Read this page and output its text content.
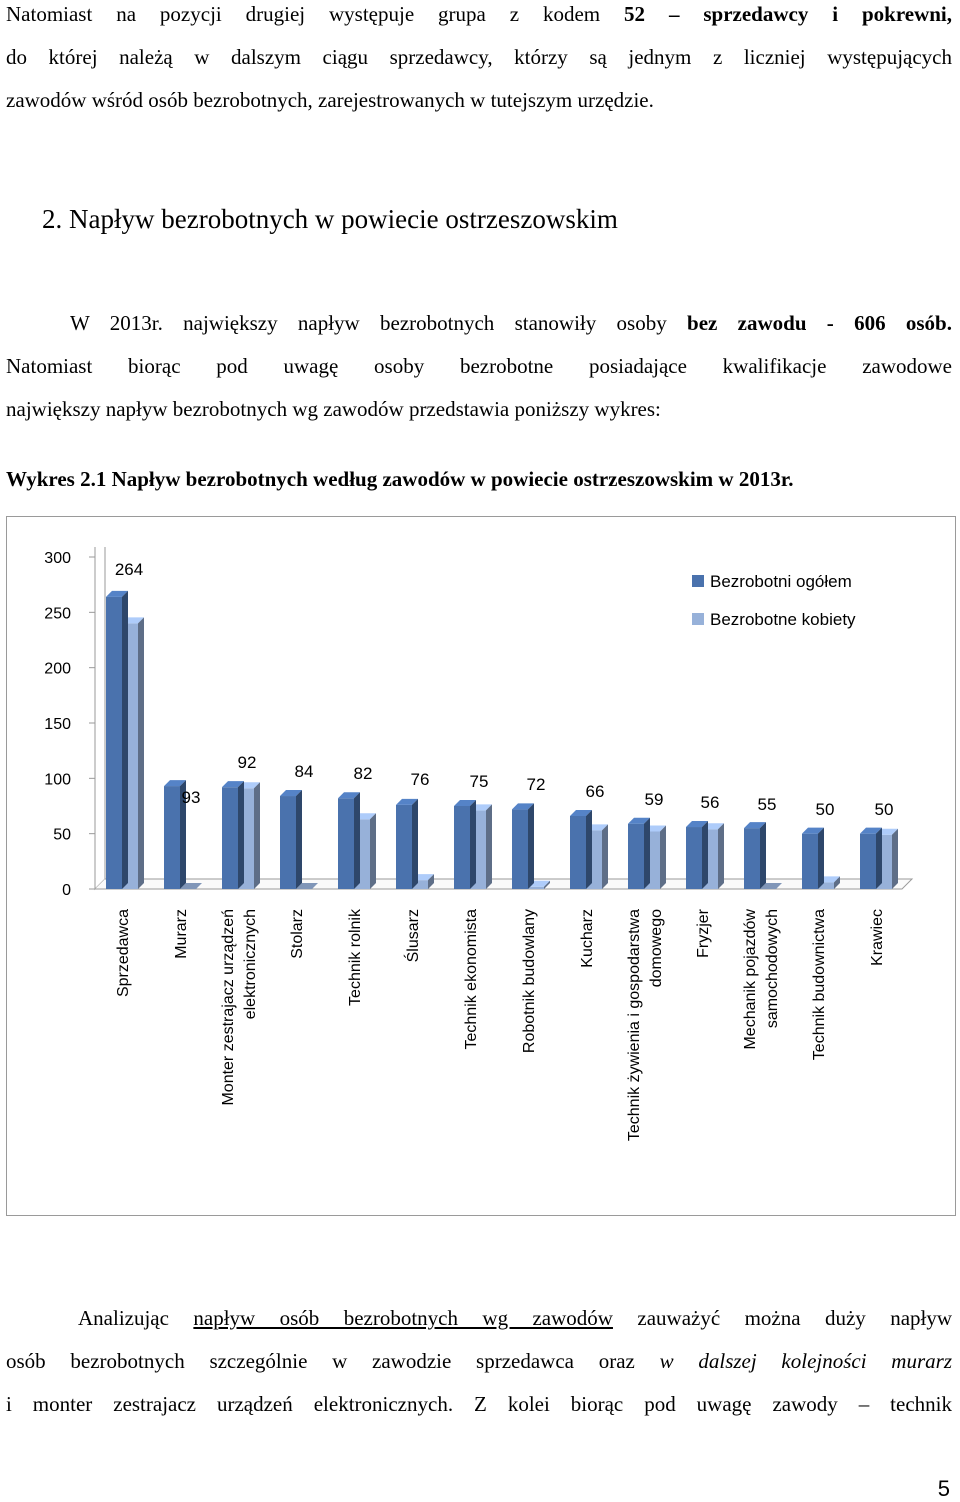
Natomiast na pozycji drugiej występuje grupa z kodem 52 – sprzedawcy i pokrewni,
do której należą w dalszym ciągu sprzedawcy, którzy są jednym z liczniej występujących
zawodów wśród osób bezrobotnych, zarejestrowanych w tutejszym urzędzie.
2. Napływ bezrobotnych w powiecie ostrzeszowskim
W 2013r. największy napływ bezrobotnych stanowiły osoby bez zawodu - 606 osób.
Natomiast biorąc pod uwagę osoby bezrobotne posiadające kwalifikacje zawodowe
największy napływ bezrobotnych wg zawodów przedstawia poniższy wykres:
Wykres 2.1 Napływ bezrobotnych według zawodów w powiecie ostrzeszowskim w 2013r.
0
50
100
150
200
250
300
264
93
92 84 82 76 75 72 66 59 56 55 50 50
Bezrobotni ogółem
Bezrobotne kobiety
Sprzedawca	Murarz Monter zestrajacz urządzeń elektronicznych Stolarz	Technik rolnik	Ślusarz	Technik ekonomista	Robotnik budowlany	Kucharz Technik żywienia i gospodarstwa domowego Fryzjer Mechanik pojazdów samochodowych Technik budownictwa	Krawiec
Analizując napływ osób bezrobotnych wg zawodów zauważyć można duży napływ
osób bezrobotnych szczególnie w zawodzie sprzedawca oraz w dalszej kolejności murarz
i monter zestrajacz urządzeń elektronicznych. Z kolei biorąc pod uwagę zawody – technik
5
